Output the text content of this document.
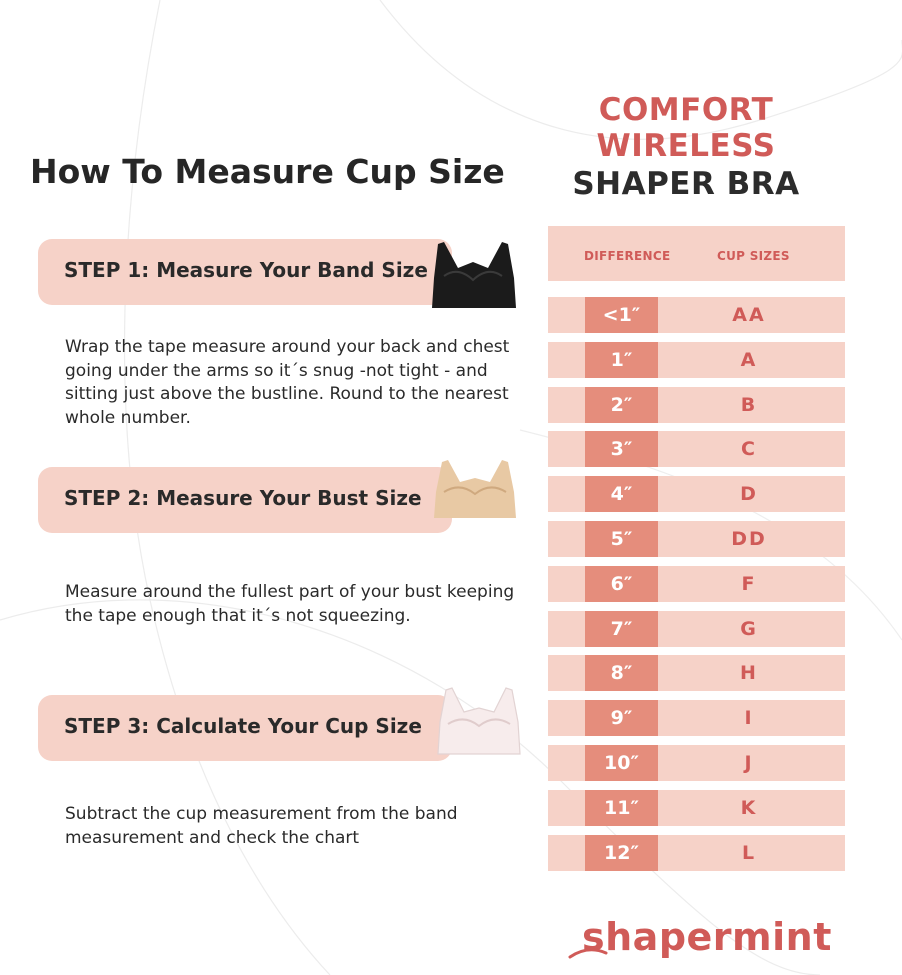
COMFORT WIRELESS
SHAPER BRA
How To Measure Cup Size
STEP 1: Measure Your Band Size
Wrap the tape measure around your back and chest going under the arms so it´s snug -not tight - and sitting just above the bustline. Round to the nearest whole number.
STEP 2: Measure Your Bust Size
Measure around the fullest part of your bust keeping the tape enough that it´s not squeezing.
STEP 3: Calculate Your Cup Size
Subtract the cup measurement from the band measurement and check the chart
DIFFERENCE	CUP SIZES
<1″	AA
1″	A
2″	B
3″	C
4″	D
5″	DD
6″	F
7″	G
8″	H
9″	I
10″	J
11″	K
12″	L
shapermint
